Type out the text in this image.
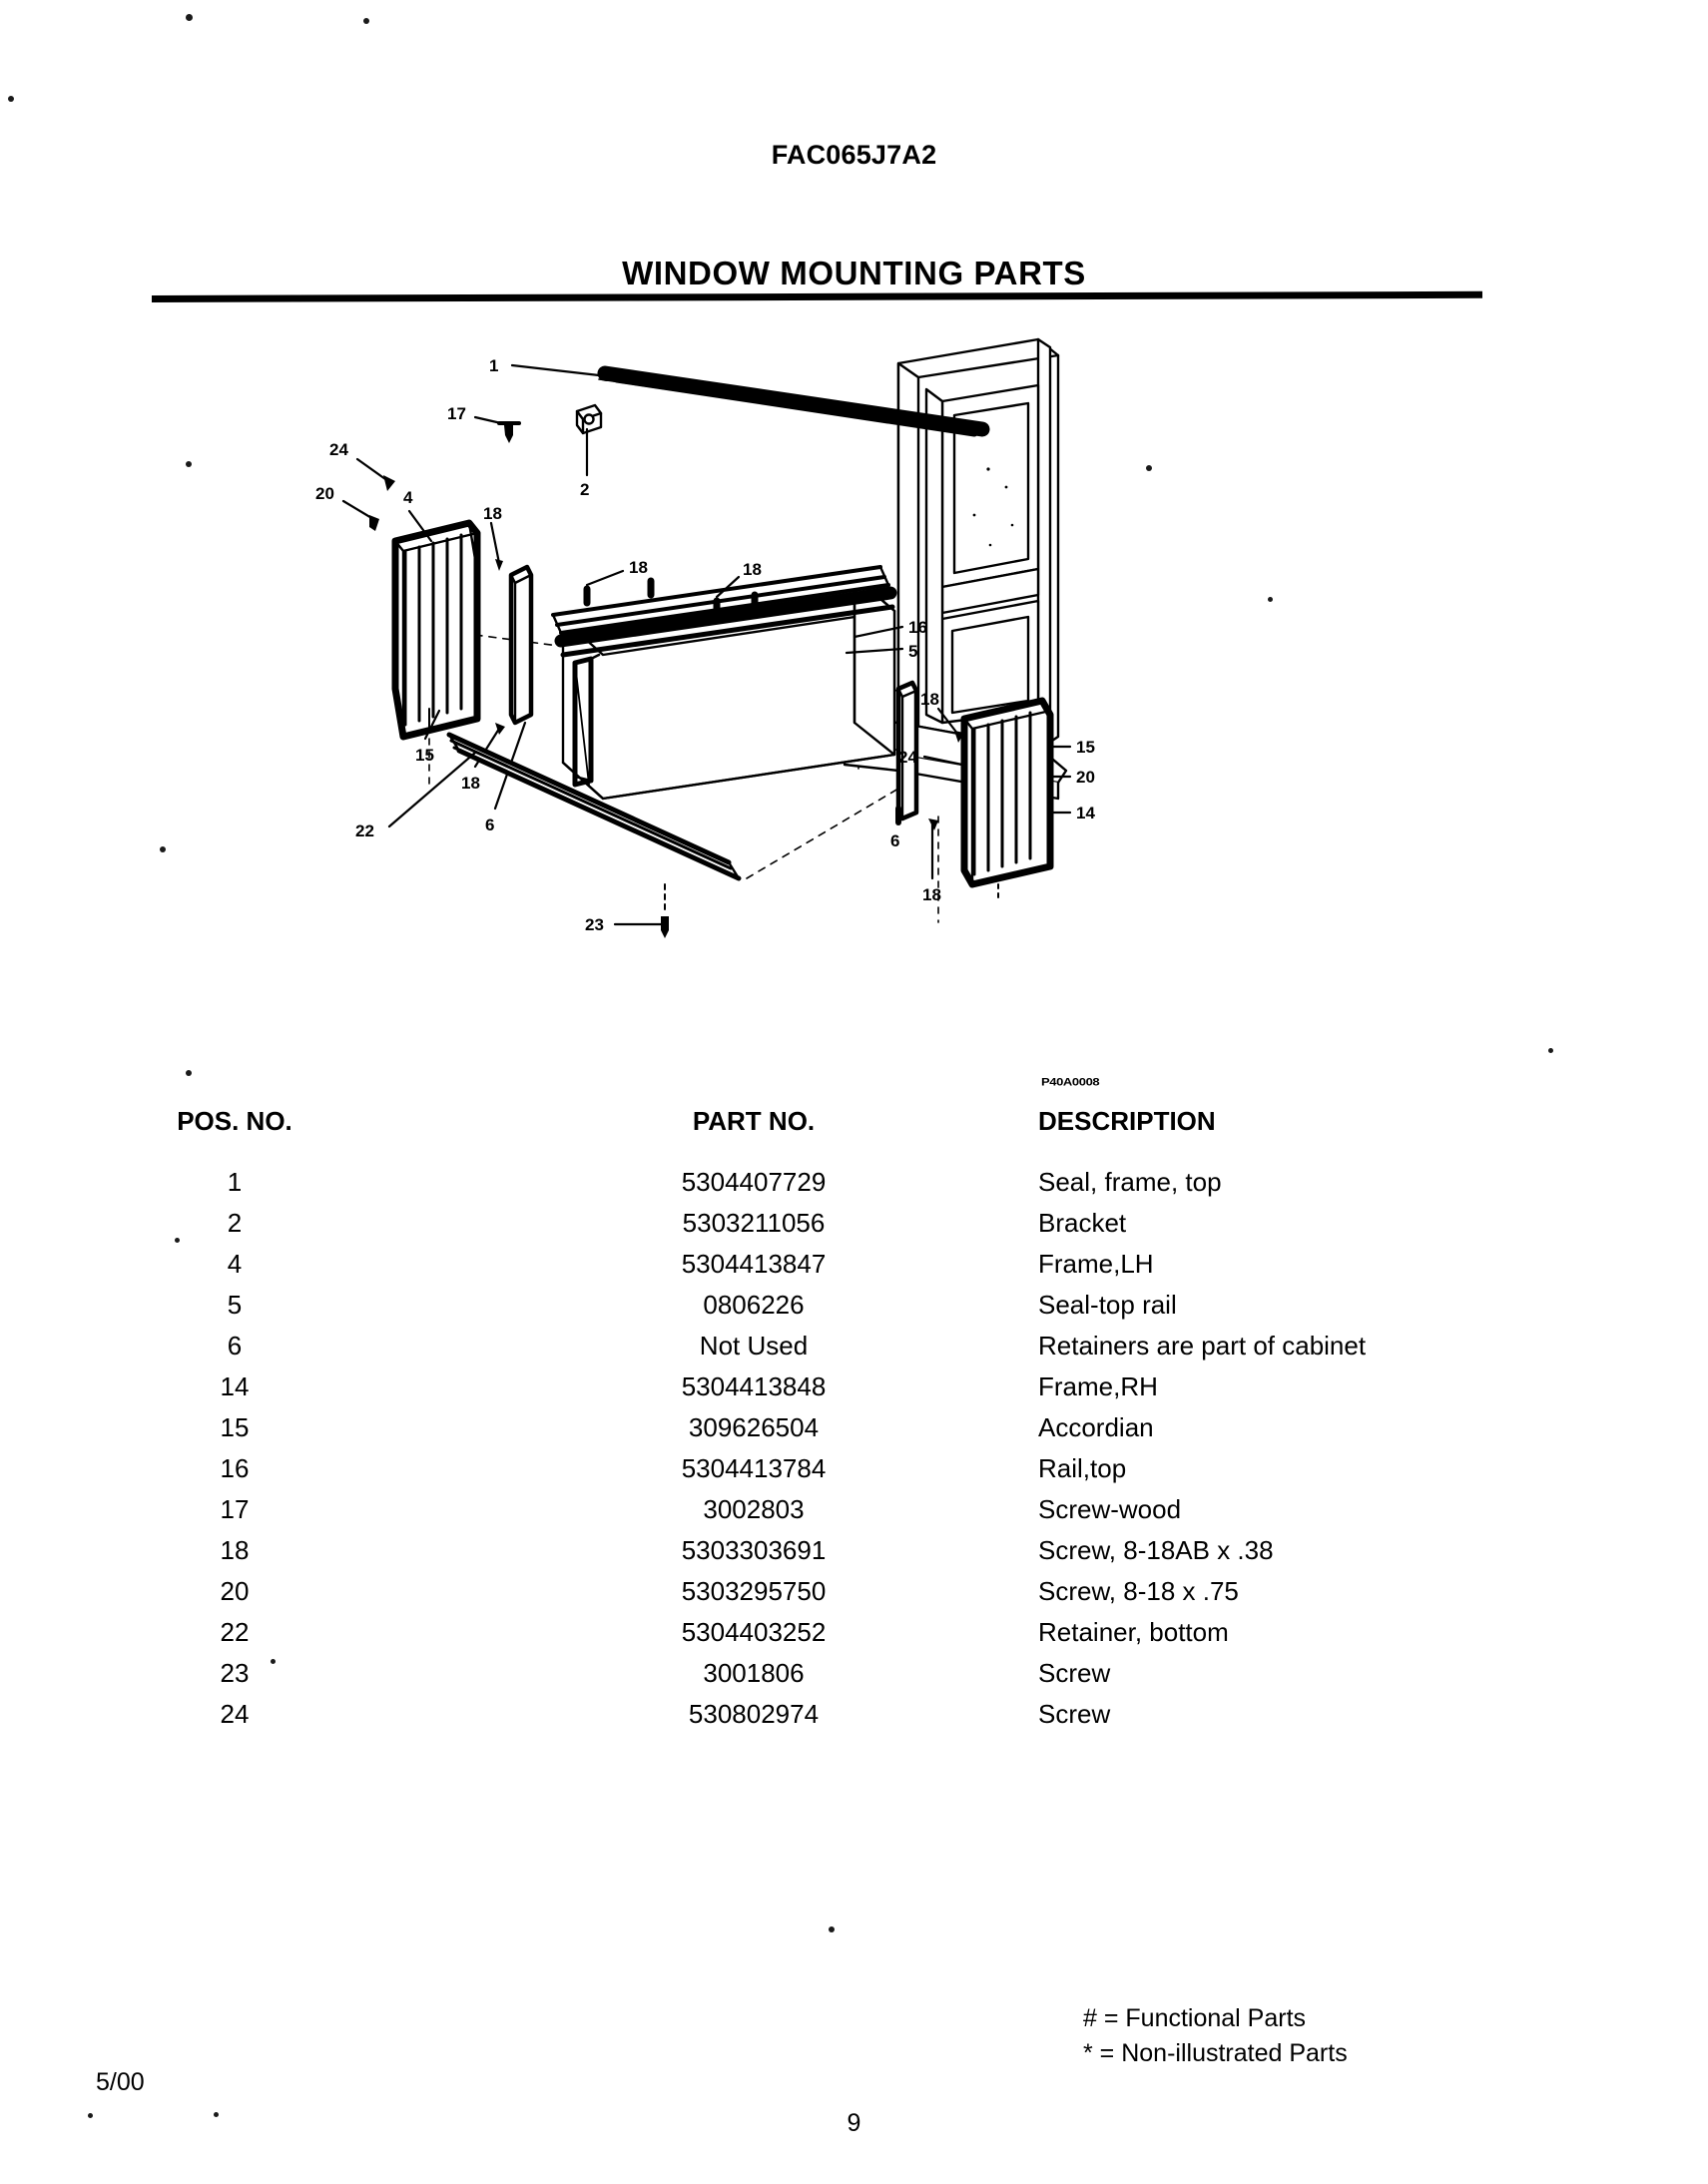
FAC065J7A2
WINDOW MOUNTING PARTS
1
17
2
24
20	4
18
15
18
6
18	18
16
5
22
23
6
18
24
18
15
20
14
P40A0008
POS. NO.	PART NO.	DESCRIPTION
1	5304407729	Seal, frame, top
2	5303211056	Bracket
4	5304413847	Frame,LH
5	0806226	Seal-top rail
6	Not Used	Retainers are part of cabinet
14	5304413848	Frame,RH
15	309626504	Accordian
16	5304413784	Rail,top
17	3002803	Screw-wood
18	5303303691	Screw, 8-18AB x .38
20	5303295750	Screw, 8-18 x .75
22	5304403252	Retainer, bottom
23	3001806	Screw
24	530802974	Screw
# = Functional Parts
* = Non-illustrated Parts
5/00
9
